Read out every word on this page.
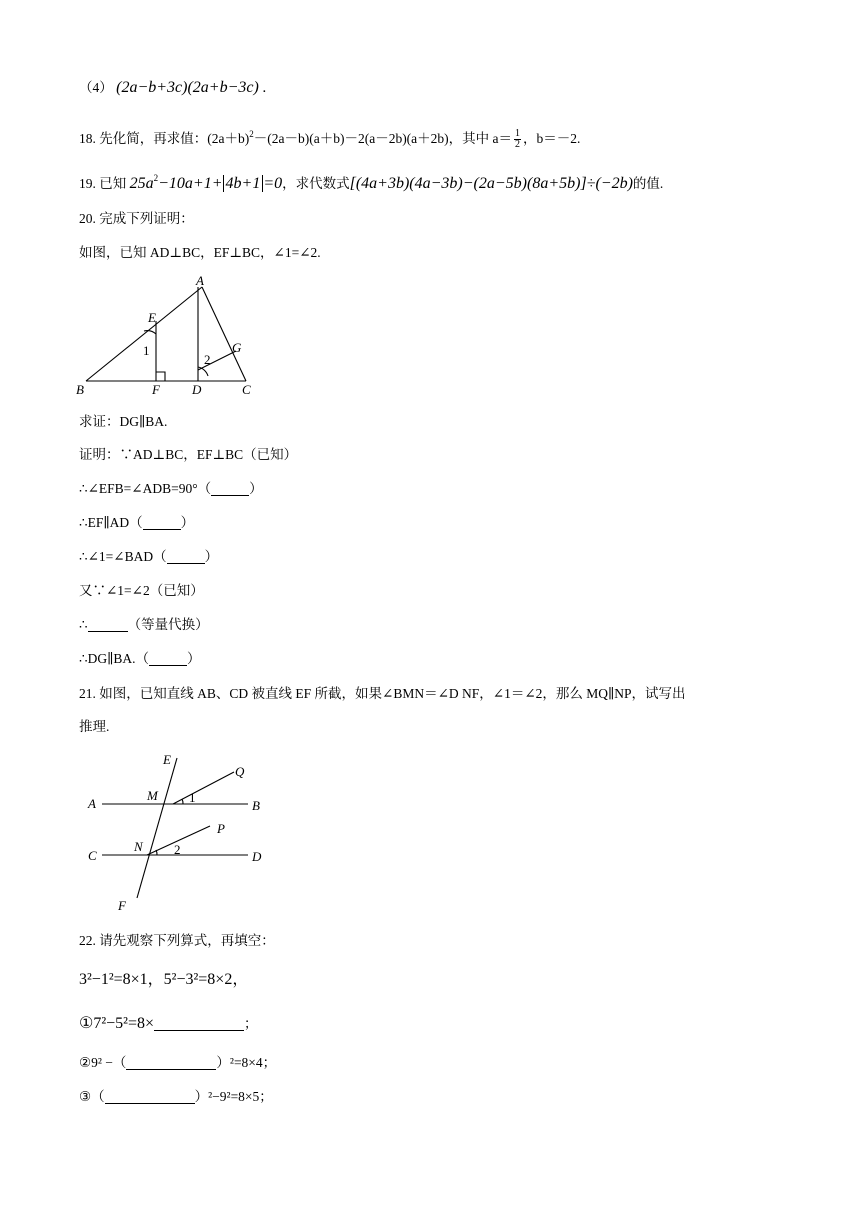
（4） (2a−b+3c)(2a+b−3c) ．
18. 先化简，再求值：$(2a+b)^2-(2a-b)(a+b)-2(a-2b)(a+2b)$，其中 $a= \frac{1}{2}$ ，b＝－2.
19. 已知 $25a^2-10a+1+ 4b+1 =0$，求代数式[(4a+3b)(4a−3b)−(2a−5b)(8a+5b)]÷(−2b)的值.
20. 完成下列证明：
如图，已知 AD⊥BC，EF⊥BC，∠1=∠2.
A
E
B	F D	C
G
1
2
求证：DG∥BA.
证明：∵AD⊥BC，EF⊥BC（已知）
∴∠EFB=∠ADB=90°（	）
∴EF∥AD（	）
∴∠1=∠BAD（	）
又∵∠1=∠2（已知）
∴	（等量代换）
∴DG∥BA.（	）
21. 如图，已知直线 AB、CD 被直线 EF 所截，如果∠BMN＝∠D NF，∠1＝∠2，那么 MQ∥NP，试写出
推理.
E
Q
A
M 1
B
P
C
N 2	D
F
22. 请先观察下列算式，再填空：
3²−1²=8×1，5²−3²=8×2，
①7²−5²=8×	；
②9² −（	）²=8×4；
③（	）²−9²=8×5；
